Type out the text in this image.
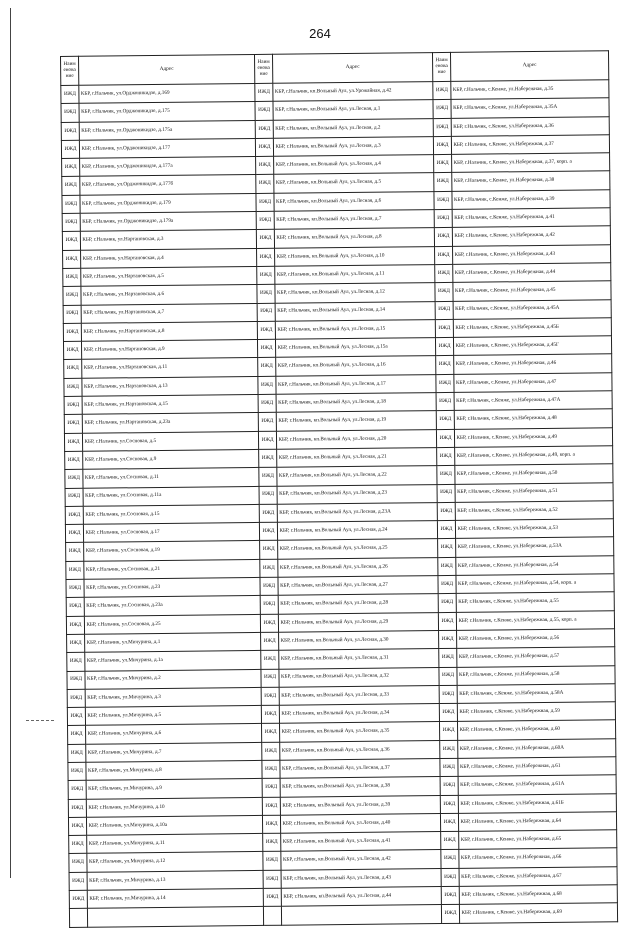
264
Наим енова ние	Адрес	Наим енова ние	Адрес	Наим енова ние	Адрес
ИЖД	КБР, г.Нальчик, ул.Орджоникидзе, д.169	ИЖД	КБР, г.Нальчик, кп.Вольный Аул, ул.Урожайная, д.42	ИЖД	КБР, г.Нальчик, с.Кенже, ул.Набережная, д.35
ИЖД	КБР, г.Нальчик, ул.Орджоникидзе, д.175	ИЖД	КБР, г.Нальчик, кп.Вольный Аул, ул.Лесная, д.1	ИЖД	КБР, г.Нальчик, с.Кенже, ул.Набережная, д.35А
ИЖД	КБР, г.Нальчик, ул.Орджоникидзе, д.175а	ИЖД	КБР, г.Нальчик, кп.Вольный Аул, ул.Лесная, д.2	ИЖД	КБР, г.Нальчик, с.Кенже, ул.Набережная, д.36
ИЖД	КБР, г.Нальчик, ул.Орджоникидзе, д.177	ИЖД	КБР, г.Нальчик, кп.Вольный Аул, ул.Лесная, д.3	ИЖД	КБР, г.Нальчик, с.Кенже, ул.Набережная, д.37
ИЖД	КБР, г.Нальчик, ул.Орджоникидзе, д.177а	ИЖД	КБР, г.Нальчик, кп.Вольный Аул, ул.Лесная, д.4	ИЖД	КБР, г.Нальчик, с.Кенже, ул.Набережная, д.37, корп. а
ИЖД	КБР, г.Нальчик, ул.Орджоникидзе, д.177б	ИЖД	КБР, г.Нальчик, кп.Вольный Аул, ул.Лесная, д.5	ИЖД	КБР, г.Нальчик, с.Кенже, ул.Набережная, д.38
ИЖД	КБР, г.Нальчик, ул.Орджоникидзе, д.179	ИЖД	КБР, г.Нальчик, кп.Вольный Аул, ул.Лесная, д.6	ИЖД	КБР, г.Нальчик, с.Кенже, ул.Набережная, д.39
ИЖД	КБР, г.Нальчик, ул.Орджоникидзе, д.179а	ИЖД	КБР, г.Нальчик, кп.Вольный Аул, ул.Лесная, д.7	ИЖД	КБР, г.Нальчик, с.Кенже, ул.Набережная, д.41
ИЖД	КБР, г.Нальчик, ул.Нартановская, д.3	ИЖД	КБР, г.Нальчик, кп.Вольный Аул, ул.Лесная, д.8	ИЖД	КБР, г.Нальчик, с.Кенже, ул.Набережная, д.42
ИЖД	КБР, г.Нальчик, ул.Нартановская, д.4	ИЖД	КБР, г.Нальчик, кп.Вольный Аул, ул.Лесная, д.10	ИЖД	КБР, г.Нальчик, с.Кенже, ул.Набережная, д.43
ИЖД	КБР, г.Нальчик, ул.Нартановская, д.5	ИЖД	КБР, г.Нальчик, кп.Вольный Аул, ул.Лесная, д.11	ИЖД	КБР, г.Нальчик, с.Кенже, ул.Набережная, д.44
ИЖД	КБР, г.Нальчик, ул.Нартановская, д.6	ИЖД	КБР, г.Нальчик, кп.Вольный Аул, ул.Лесная, д.12	ИЖД	КБР, г.Нальчик, с.Кенже, ул.Набережная, д.45
ИЖД	КБР, г.Нальчик, ул.Нартановская, д.7	ИЖД	КБР, г.Нальчик, кп.Вольный Аул, ул.Лесная, д.14	ИЖД	КБР, г.Нальчик, с.Кенже, ул.Набережная, д.45А
ИЖД	КБР, г.Нальчик, ул.Нартановская, д.8	ИЖД	КБР, г.Нальчик, кп.Вольный Аул, ул.Лесная, д.15	ИЖД	КБР, г.Нальчик, с.Кенже, ул.Набережная, д.45Б
ИЖД	КБР, г.Нальчик, ул.Нартановская, д.9	ИЖД	КБР, г.Нальчик, кп.Вольный Аул, ул.Лесная, д.15а	ИЖД	КБР, г.Нальчик, с.Кенже, ул.Набережная, д.45Г
ИЖД	КБР, г.Нальчик, ул.Нартановская, д.11	ИЖД	КБР, г.Нальчик, кп.Вольный Аул, ул.Лесная, д.16	ИЖД	КБР, г.Нальчик, с.Кенже, ул.Набережная, д.46
ИЖД	КБР, г.Нальчик, ул.Нартановская, д.13	ИЖД	КБР, г.Нальчик, кп.Вольный Аул, ул.Лесная, д.17	ИЖД	КБР, г.Нальчик, с.Кенже, ул.Набережная, д.47
ИЖД	КБР, г.Нальчик, ул.Нартановская, д.15	ИЖД	КБР, г.Нальчик, кп.Вольный Аул, ул.Лесная, д.18	ИЖД	КБР, г.Нальчик, с.Кенже, ул.Набережная, д.47А
ИЖД	КБР, г.Нальчик, ул.Нартановская, д.23а	ИЖД	КБР, г.Нальчик, кп.Вольный Аул, ул.Лесная, д.19	ИЖД	КБР, г.Нальчик, с.Кенже, ул.Набережная, д.48
ИЖД	КБР, г.Нальчик, ул.Сосновая, д.5	ИЖД	КБР, г.Нальчик, кп.Вольный Аул, ул.Лесная, д.20	ИЖД	КБР, г.Нальчик, с.Кенже, ул.Набережная, д.49
ИЖД	КБР, г.Нальчик, ул.Сосновая, д.9	ИЖД	КБР, г.Нальчик, кп.Вольный Аул, ул.Лесная, д.21	ИЖД	КБР, г.Нальчик, с.Кенже, ул.Набережная, д.49, корп. а
ИЖД	КБР, г.Нальчик, ул.Сосновая, д.11	ИЖД	КБР, г.Нальчик, кп.Вольный Аул, ул.Лесная, д.22	ИЖД	КБР, г.Нальчик, с.Кенже, ул.Набережная, д.50
ИЖД	КБР, г.Нальчик, ул.Сосновая, д.11а	ИЖД	КБР, г.Нальчик, кп.Вольный Аул, ул.Лесная, д.23	ИЖД	КБР, г.Нальчик, с.Кенже, ул.Набережная, д.51
ИЖД	КБР, г.Нальчик, ул.Сосновая, д.15	ИЖД	КБР, г.Нальчик, кп.Вольный Аул, ул.Лесная, д.23А	ИЖД	КБР, г.Нальчик, с.Кенже, ул.Набережная, д.52
ИЖД	КБР, г.Нальчик, ул.Сосновая, д.17	ИЖД	КБР, г.Нальчик, кп.Вольный Аул, ул.Лесная, д.24	ИЖД	КБР, г.Нальчик, с.Кенже, ул.Набережная, д.53
ИЖД	КБР, г.Нальчик, ул.Сосновая, д.19	ИЖД	КБР, г.Нальчик, кп.Вольный Аул, ул.Лесная, д.25	ИЖД	КБР, г.Нальчик, с.Кенже, ул.Набережная, д.53А
ИЖД	КБР, г.Нальчик, ул.Сосновая, д.21	ИЖД	КБР, г.Нальчик, кп.Вольный Аул, ул.Лесная, д.26	ИЖД	КБР, г.Нальчик, с.Кенже, ул.Набережная, д.54
ИЖД	КБР, г.Нальчик, ул.Сосновая, д.23	ИЖД	КБР, г.Нальчик, кп.Вольный Аул, ул.Лесная, д.27	ИЖД	КБР, г.Нальчик, с.Кенже, ул.Набережная, д.54, корп. а
ИЖД	КБР, г.Нальчик, ул.Сосновая, д.23а	ИЖД	КБР, г.Нальчик, кп.Вольный Аул, ул.Лесная, д.28	ИЖД	КБР, г.Нальчик, с.Кенже, ул.Набережная, д.55
ИЖД	КБР, г.Нальчик, ул.Сосновая, д.25	ИЖД	КБР, г.Нальчик, кп.Вольный Аул, ул.Лесная, д.29	ИЖД	КБР, г.Нальчик, с.Кенже, ул.Набережная, д.55, корп. а
ИЖД	КБР, г.Нальчик, ул.Мичурина, д.1	ИЖД	КБР, г.Нальчик, кп.Вольный Аул, ул.Лесная, д.30	ИЖД	КБР, г.Нальчик, с.Кенже, ул.Набережная, д.56
ИЖД	КБР, г.Нальчик, ул.Мичурина, д.1а	ИЖД	КБР, г.Нальчик, кп.Вольный Аул, ул.Лесная, д.31	ИЖД	КБР, г.Нальчик, с.Кенже, ул.Набережная, д.57
ИЖД	КБР, г.Нальчик, ул.Мичурина, д.2	ИЖД	КБР, г.Нальчик, кп.Вольный Аул, ул.Лесная, д.32	ИЖД	КБР, г.Нальчик, с.Кенже, ул.Набережная, д.58
ИЖД	КБР, г.Нальчик, ул.Мичурина, д.3	ИЖД	КБР, г.Нальчик, кп.Вольный Аул, ул.Лесная, д.33	ИЖД	КБР, г.Нальчик, с.Кенже, ул.Набережная, д.58А
ИЖД	КБР, г.Нальчик, ул.Мичурина, д.5	ИЖД	КБР, г.Нальчик, кп.Вольный Аул, ул.Лесная, д.34	ИЖД	КБР, г.Нальчик, с.Кенже, ул.Набережная, д.59
ИЖД	КБР, г.Нальчик, ул.Мичурина, д.6	ИЖД	КБР, г.Нальчик, кп.Вольный Аул, ул.Лесная, д.35	ИЖД	КБР, г.Нальчик, с.Кенже, ул.Набережная, д.60
ИЖД	КБР, г.Нальчик, ул.Мичурина, д.7	ИЖД	КБР, г.Нальчик, кп.Вольный Аул, ул.Лесная, д.36	ИЖД	КБР, г.Нальчик, с.Кенже, ул.Набережная, д.60А
ИЖД	КБР, г.Нальчик, ул.Мичурина, д.8	ИЖД	КБР, г.Нальчик, кп.Вольный Аул, ул.Лесная, д.37	ИЖД	КБР, г.Нальчик, с.Кенже, ул.Набережная, д.61
ИЖД	КБР, г.Нальчик, ул.Мичурина, д.9	ИЖД	КБР, г.Нальчик, кп.Вольный Аул, ул.Лесная, д.38	ИЖД	КБР, г.Нальчик, с.Кенже, ул.Набережная, д.61А
ИЖД	КБР, г.Нальчик, ул.Мичурина, д.10	ИЖД	КБР, г.Нальчик, кп.Вольный Аул, ул.Лесная, д.39	ИЖД	КБР, г.Нальчик, с.Кенже, ул.Набережная, д.61Б
ИЖД	КБР, г.Нальчик, ул.Мичурина, д.10а	ИЖД	КБР, г.Нальчик, кп.Вольный Аул, ул.Лесная, д.40	ИЖД	КБР, г.Нальчик, с.Кенже, ул.Набережная, д.64
ИЖД	КБР, г.Нальчик, ул.Мичурина, д.11	ИЖД	КБР, г.Нальчик, кп.Вольный Аул, ул.Лесная, д.41	ИЖД	КБР, г.Нальчик, с.Кенже, ул.Набережная, д.65
ИЖД	КБР, г.Нальчик, ул.Мичурина, д.12	ИЖД	КБР, г.Нальчик, кп.Вольный Аул, ул.Лесная, д.42	ИЖД	КБР, г.Нальчик, с.Кенже, ул.Набережная, д.66
ИЖД	КБР, г.Нальчик, ул.Мичурина, д.13	ИЖД	КБР, г.Нальчик, кп.Вольный Аул, ул.Лесная, д.43	ИЖД	КБР, г.Нальчик, с.Кенже, ул.Набережная, д.67
ИЖД	КБР, г.Нальчик, ул.Мичурина, д.14	ИЖД	КБР, г.Нальчик, кп.Вольный Аул, ул.Лесная, д.44	ИЖД	КБР, г.Нальчик, с.Кенже, ул.Набережная, д.68
				ИЖД	КБР, г.Нальчик, с.Кенже, ул.Набережная, д.69
